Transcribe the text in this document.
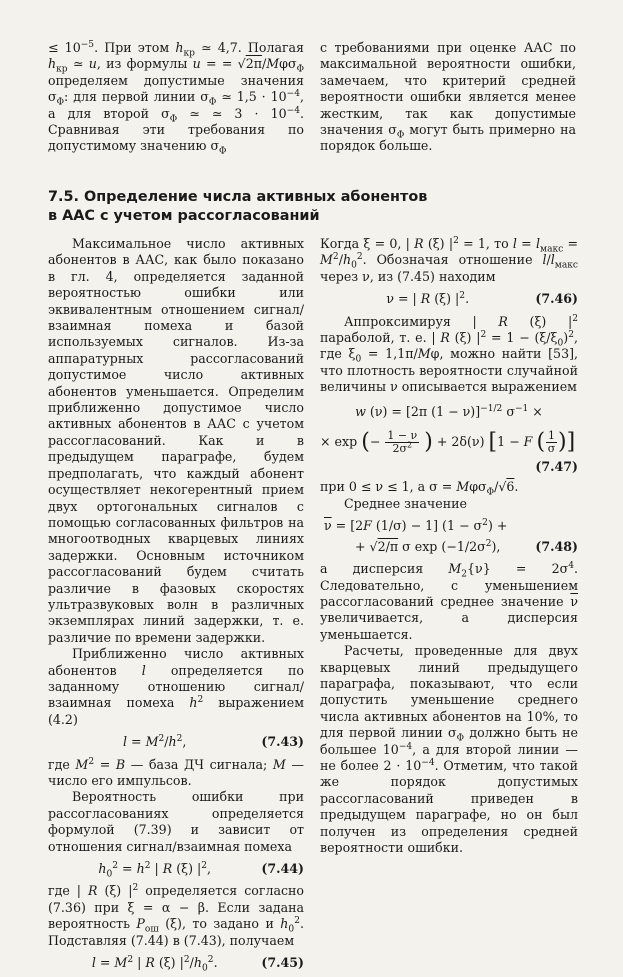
≤ $10^{-5}$. При этом $h_{кр}$ ≃ 4,7. Полагая $h_{кр}$ ≃ u, из формулы u = = √2π/Mφσ$_\Phi$ определяем допустимые значения $\sigma_\Phi$: для первой линии $\sigma_\Phi$ ≃ $1,5 \cdot 10^{-4}$, а для второй $\sigma_\Phi$ ≃ ≃ $3 \cdot 10^{-4}$. Сравнивая эти требования по допустимому значению $\sigma_\Phi$

с требованиями при оценке ААС по максимальной вероятности ошибки, замечаем, что критерий средней вероятности ошибки является менее жестким, так как допустимые значения $\sigma_\Phi$ могут быть примерно на порядок больше.

7.5. Определение числа активных абонентов
в ААС с учетом рассогласований

Максимальное число активных абонентов в ААС, как было показано в гл. 4, определяется заданной вероятностью ошибки или эквивалентным отношением сигнал/взаимная помеха и базой используемых сигналов. Из-за аппаратурных рассогласований допустимое число активных абонентов уменьшается. Определим приближенно допустимое число активных абонентов в ААС с учетом рассогласований. Как и в предыдущем параграфе, будем предполагать, что каждый абонент осуществляет некогерентный прием двух ортогональных сигналов с помощью согласованных фильтров на многоотводных кварцевых линиях задержки. Основным источником рассогласований будем считать различие в фазовых скоростях ультразвуковых волн в различных экземплярах линий задержки, т. е. различие по времени задержки.

Приближенно число активных абонентов l определяется по заданному отношению сигнал/взаимная помеха $h^2$ выражением (4.2)

$l = M^2/h^2$,	(7.43)

где $M^2 = B$ — база ДЧ сигнала; M — число его импульсов.

Вероятность ошибки при рассогласованиях определяется формулой (7.39) и зависит от отношения сигнал/взаимная помеха

$h_0^2 = h^2$ | R (ξ) $|^2$,	(7.44)

где | R (ξ) $|^2$ определяется согласно (7.36) при ξ = α − β. Если задана вероятность $P_{ош}$ (ξ), то задано и $h_0^2$. Подставляя (7.44) в (7.43), получаем

$l = M^2$ | R (ξ) $|^2/h_0^2$.	(7.45)

Когда ξ = 0, | R (ξ) $|^2 = 1$, то $l = l_{макс} = M^2/h_0^2$. Обозначая отношение $l/l_{макс}$ через ν, из (7.45) находим

ν = | R (ξ) $|^2$.	(7.46)

Аппроксимируя | R (ξ) $|^2$ параболой, т. е. | R (ξ) $|^2 = 1 - (\xi/\xi_0)^2$, где $\xi_0 = 1,1\pi/M\varphi$, можно найти [53], что плотность вероятности случайной величины ν описывается выражением

w (ν) = [2π (1 − ν)]$^{-1/2}$ $\sigma^{-1}$ ×
× exp (− $\frac{1 - \nu}{2\sigma^2}$ ) + 2δ(ν) [1 − F ( $\frac{1}{\sigma}$ )]
(7.47)

при 0 ≤ ν ≤ 1, а σ = Mφσ$_\Phi$/√6.

Среднее значение

$\overline{\nu} = [2F$ (1/σ) − 1] $(1 - \sigma^2)$ +
+ √2/π σ $\exp (-1/2\sigma^2)$,	(7.48)

а дисперсия $M_2\{\nu\} = 2\sigma^4$. Следовательно, с уменьшением рассогласований среднее значение $\overline{\nu}$ увеличивается, а дисперсия уменьшается.

Расчеты, проведенные для двух кварцевых линий предыдущего параграфа, показывают, что если допустить уменьшение среднего числа активных абонентов на 10%, то для первой линии $\sigma_\Phi$ должно быть не большее $10^{-4}$, а для второй линии — не более $2 \cdot 10^{-4}$. Отметим, что такой же порядок допустимых рассогласований приведен в предыдущем параграфе, но он был получен из определения средней вероятности ошибки.
